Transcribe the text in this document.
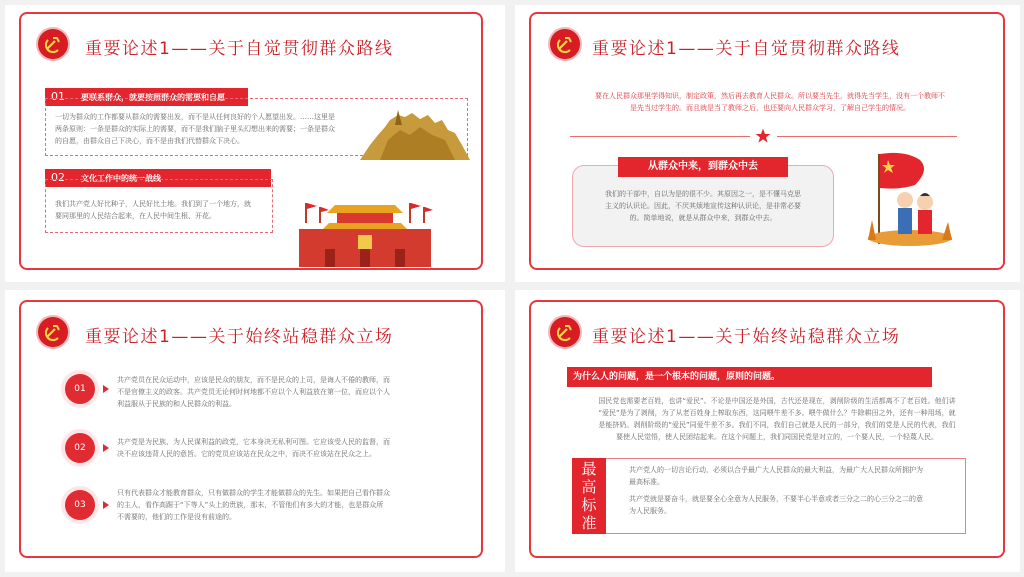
重要论述1——关于自觉贯彻群众路线
01 要联系群众，就要按照群众的需要和自愿
一切为群众的工作都要从群众的需要出发，而不是从任何良好的个人愿望出发。……这里是
两条原则：一条是群众的实际上的需要，而不是我们脑子里头幻想出来的需要；一条是群众
的自愿，由群众自己下决心，而不是由我们代替群众下决心。
02 文化工作中的统一战线
我们共产党人好比种子，人民好比土地。我们到了一个地方，就
要同那里的人民结合起来，在人民中间生根、开花。
重要论述1——关于自觉贯彻群众路线
要在人民群众那里学得知识，制定政策，然后再去教育人民群众。所以要当先生，就得先当学生，没有一个教师不
是先当过学生的。而且就是当了教师之后，也还要向人民群众学习，了解自己学生的情况。
从群众中来，到群众中去
我们的干部中，自以为是的很不少。其原因之一，是不懂马克思
主义的认识论。因此，不厌其烦地宣传这种认识论，是非常必要
的。简单地说，就是从群众中来，到群众中去。
重要论述1——关于始终站稳群众立场
01
共产党员在民众运动中，应该是民众的朋友，而不是民众的上司，是诲人不倦的教师，而
不是官僚主义的政客。共产党员无论何时何地都不应以个人利益放在第一位，而应以个人
利益服从于民族的和人民群众的利益。
02
共产党是为民族、为人民谋利益的政党，它本身决无私利可图。它应该受人民的监督，而
决不应该违背人民的意旨。它的党员应该站在民众之中，而决不应该站在民众之上。
03
只有代表群众才能教育群众，只有做群众的学生才能做群众的先生。如果把自己看作群众
的主人，看作高踞于“下等人”头上的贵族，那末，不管他们有多大的才能，也是群众所
不需要的，他们的工作是没有前途的。
重要论述1——关于始终站稳群众立场
为什么人的问题，是一个根本的问题，原则的问题。
国民党也需要老百姓，也讲“爱民”。不论是中国还是外国，古代还是现在，剥削阶级的生活都离不了老百姓。他们讲
“爱民”是为了剥削，为了从老百姓身上榨取东西，这同喂牛差不多。喂牛做什么？牛除耕田之外，还有一种用场，就
是能挤奶。剥削阶级的“爱民”同爱牛差不多。我们不同，我们自己就是人民的一部分，我们的党是人民的代表，我们
要使人民觉悟，使人民团结起来。在这个问题上，我们同国民党是对立的，一个要人民，一个轻蔑人民。
最
高
标
准
共产党人的一切言论行动，必须以合乎最广大人民群众的最大利益，为最广大人民群众所拥护为
最高标准。
共产党就是要奋斗，就是要全心全意为人民服务，不要半心半意或者三分之二的心三分之二的意
为人民服务。
